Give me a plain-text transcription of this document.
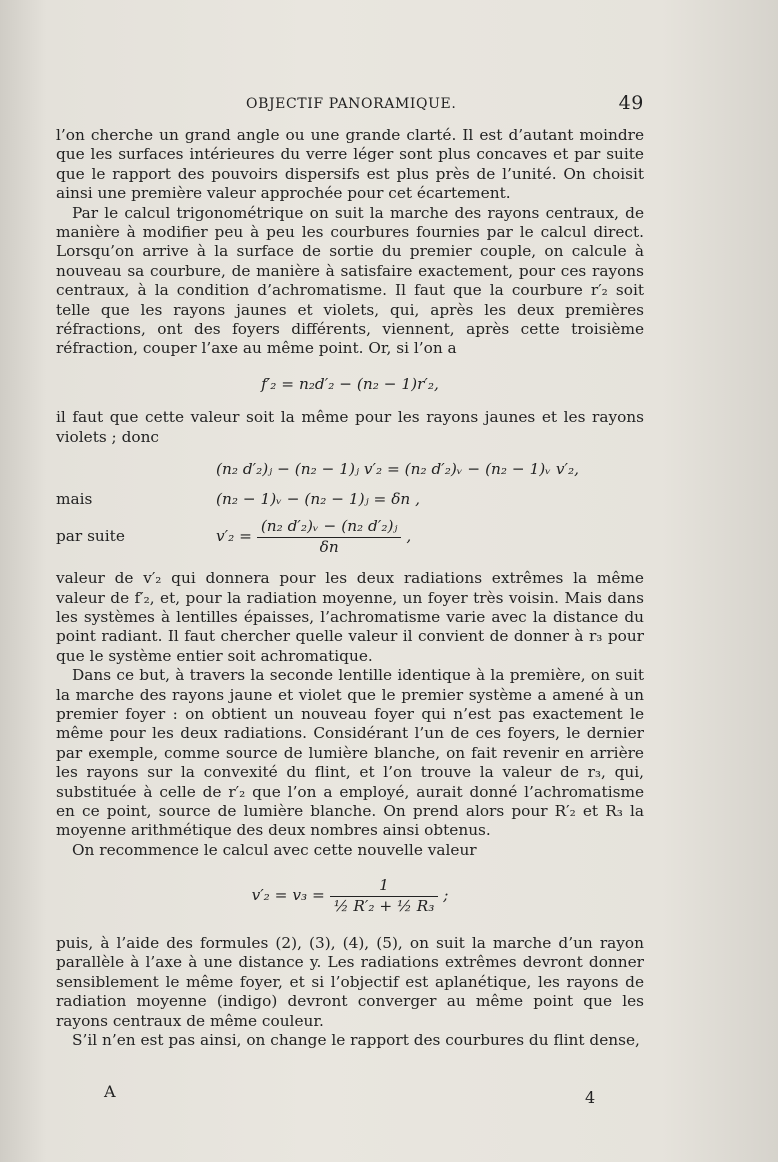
OBJECTIF PANORAMIQUE.	49

l’on cherche un grand angle ou une grande clarté. Il est d’autant moindre que les surfaces intérieures du verre léger sont plus concaves et par suite que le rapport des pouvoirs dispersifs est plus près de l’unité. On choisit ainsi une première valeur approchée pour cet écartement.

Par le calcul trigonométrique on suit la marche des rayons centraux, de manière à modifier peu à peu les courbures fournies par le calcul direct. Lorsqu’on arrive à la surface de sortie du premier couple, on calcule à nouveau sa courbure, de manière à satisfaire exactement, pour ces rayons centraux, à la condition d’achromatisme. Il faut que la courbure r′₂ soit telle que les rayons jaunes et violets, qui, après les deux premières réfractions, ont des foyers différents, viennent, après cette troisième réfraction, couper l’axe au même point. Or, si l’on a

f′₂ = n₂d′₂ − (n₂ − 1)r′₂,

il faut que cette valeur soit la même pour les rayons jaunes et les rayons violets ; donc

(n₂ d′₂)ⱼ − (n₂ − 1)ⱼ v′₂ = (n₂ d′₂)ᵥ − (n₂ − 1)ᵥ v′₂,
mais	(n₂ − 1)ᵥ − (n₂ − 1)ⱼ = δn ,
par suite	$v'_2 = \frac{\text{(n₂ d′₂)ᵥ − (n₂ d′₂)ⱼ}}{\delta n}$ ,

valeur de v′₂ qui donnera pour les deux radiations extrêmes la même valeur de f′₂, et, pour la radiation moyenne, un foyer très voisin. Mais dans les systèmes à lentilles épaisses, l’achromatisme varie avec la distance du point radiant. Il faut chercher quelle valeur il convient de donner à r₃ pour que le système entier soit achromatique.

Dans ce but, à travers la seconde lentille identique à la première, on suit la marche des rayons jaune et violet que le premier système a amené à un premier foyer : on obtient un nouveau foyer qui n’est pas exactement le même pour les deux radiations. Considérant l’un de ces foyers, le dernier par exemple, comme source de lumière blanche, on fait revenir en arrière les rayons sur la convexité du flint, et l’on trouve la valeur de r₃, qui, substituée à celle de r′₂ que l’on a employé, aurait donné l’achromatisme en ce point, source de lumière blanche. On prend alors pour R′₂ et R₃ la moyenne arithmétique des deux nombres ainsi obtenus.

On recommence le calcul avec cette nouvelle valeur

$v'_2 = v_3 = \frac{1}{\text{½ R′₂ + ½ R₃}}$ ;

puis, à l’aide des formules (2), (3), (4), (5), on suit la marche d’un rayon parallèle à l’axe à une distance y. Les radiations extrêmes devront donner sensiblement le même foyer, et si l’objectif est aplanétique, les rayons de radiation moyenne (indigo) devront converger au même point que les rayons centraux de même couleur.

S’il n’en est pas ainsi, on change le rapport des courbures du flint dense,

A	4
